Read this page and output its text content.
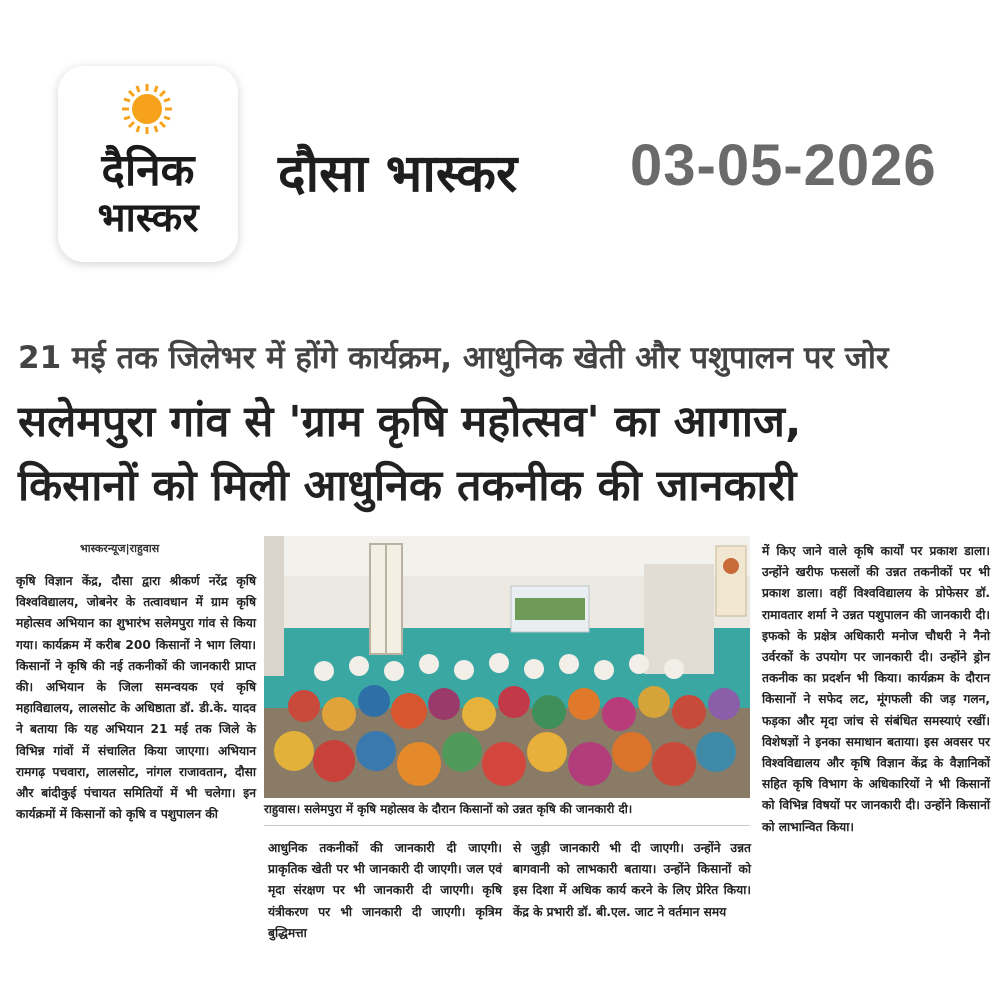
दैनिक
भास्कर
दौसा भास्कर 03-05-2026
21 मई तक जिलेभर में होंगे कार्यक्रम, आधुनिक खेती और पशुपालन पर जोर
सलेमपुरा गांव से 'ग्राम कृषि महोत्सव' का आगाज,
किसानों को मिली आधुनिक तकनीक की जानकारी
भास्करन्यूज|राहुवास
कृषि विज्ञान केंद्र, दौसा द्वारा श्रीकर्ण नरेंद्र कृषि विश्वविद्यालय, जोबनेर के तत्वावधान में ग्राम कृषि महोत्सव अभियान का शुभारंभ सलेमपुरा गांव से किया गया। कार्यक्रम में करीब 200 किसानों ने भाग लिया। किसानों ने कृषि की नई तकनीकों की जानकारी प्राप्त की। अभियान के जिला समन्वयक एवं कृषि महाविद्यालय, लालसोट के अधिष्ठाता डॉ. डी.के. यादव ने बताया कि यह अभियान 21 मई तक जिले के विभिन्न गांवों में संचालित किया जाएगा। अभियान रामगढ़ पचवारा, लालसोट, नांगल राजावतान, दौसा और बांदीकुई पंचायत समितियों में भी चलेगा। इन कार्यक्रमों में किसानों को कृषि व पशुपालन की	राहुवास। सलेमपुरा में कृषि महोत्सव के दौरान किसानों को उन्नत कृषि की जानकारी दी।
आधुनिक तकनीकों की जानकारी दी जाएगी। प्राकृतिक खेती पर भी जानकारी दी जाएगी। जल एवं मृदा संरक्षण पर भी जानकारी दी जाएगी। कृषि यंत्रीकरण पर भी जानकारी दी जाएगी। कृत्रिम बुद्धिमत्ता
से जुड़ी जानकारी भी दी जाएगी। उन्होंने उन्नत बागवानी को लाभकारी बताया। उन्होंने किसानों को इस दिशा में अधिक कार्य करने के लिए प्रेरित किया। केंद्र के प्रभारी डॉ. बी.एल. जाट ने वर्तमान समय
में किए जाने वाले कृषि कार्यों पर प्रकाश डाला। उन्होंने खरीफ फसलों की उन्नत तकनीकों पर भी प्रकाश डाला। वहीं विश्वविद्यालय के प्रोफेसर डॉ. रामावतार शर्मा ने उन्नत पशुपालन की जानकारी दी। इफको के प्रक्षेत्र अधिकारी मनोज चौधरी ने नैनो उर्वरकों के उपयोग पर जानकारी दी। उन्होंने ड्रोन तकनीक का प्रदर्शन भी किया। कार्यक्रम के दौरान किसानों ने सफेद लट, मूंगफली की जड़ गलन, फड़का और मृदा जांच से संबंधित समस्याएं रखीं। विशेषज्ञों ने इनका समाधान बताया। इस अवसर पर विश्वविद्यालय और कृषि विज्ञान केंद्र के वैज्ञानिकों सहित कृषि विभाग के अधिकारियों ने भी किसानों को विभिन्न विषयों पर जानकारी दी। उन्होंने किसानों को लाभान्वित किया।
